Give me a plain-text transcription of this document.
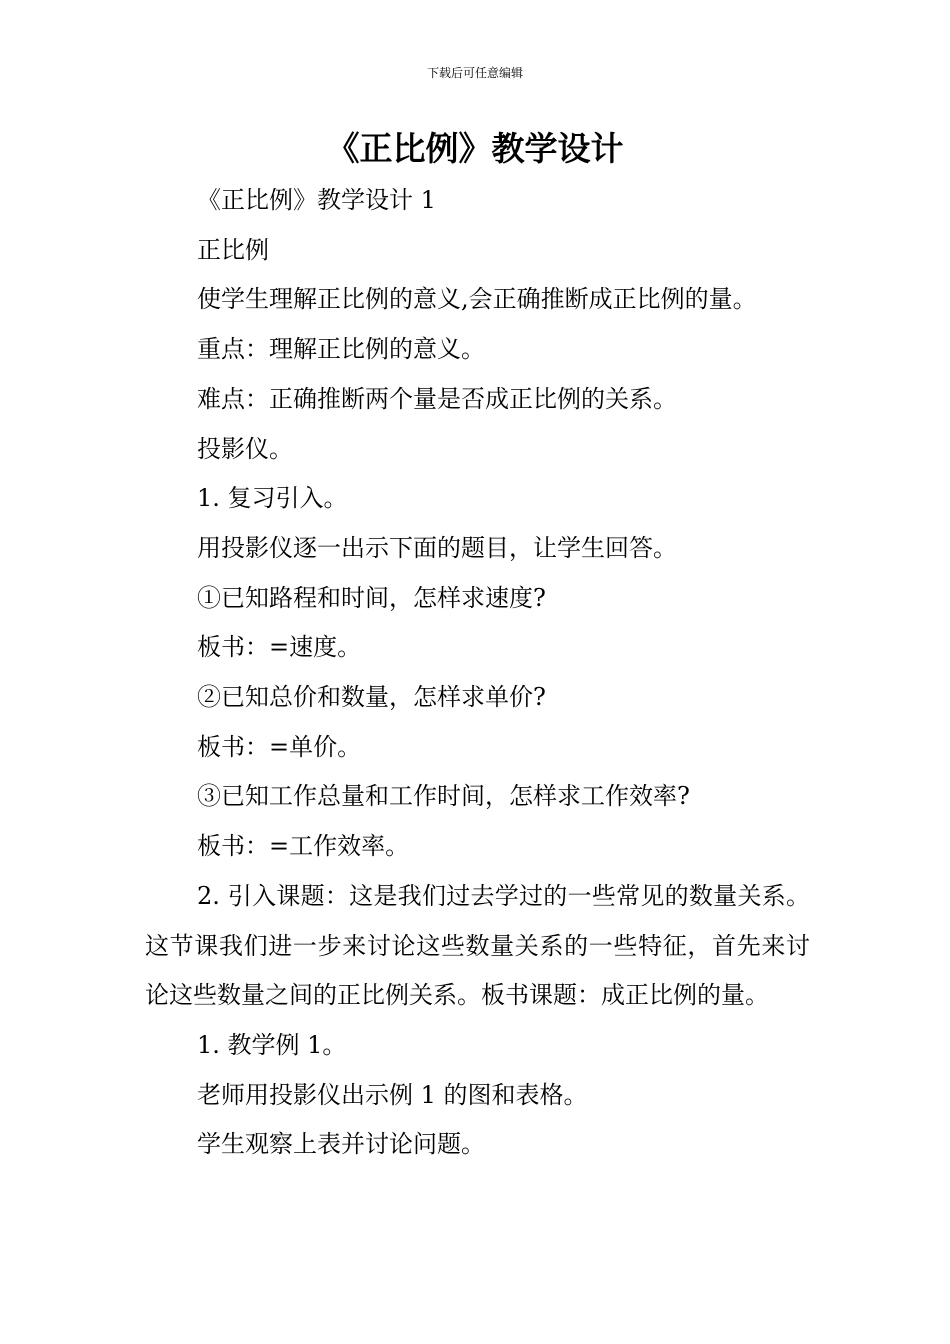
下载后可任意编辑
《正比例》教学设计

《正比例》教学设计 1

正比例

使学生理解正比例的意义,会正确推断成正比例的量。

重点：理解正比例的意义。

难点：正确推断两个量是否成正比例的关系。

投影仪。

1. 复习引入。

用投影仪逐一出示下面的题目，让学生回答。

①已知路程和时间，怎样求速度?

板书：=速度。

②已知总价和数量，怎样求单价?

板书：=单价。

③已知工作总量和工作时间，怎样求工作效率?

板书：=工作效率。

2. 引入课题：这是我们过去学过的一些常见的数量关系。这节课我们进一步来讨论这些数量关系的一些特征，首先来讨论这些数量之间的正比例关系。板书课题：成正比例的量。

1. 教学例 1。

老师用投影仪出示例 1 的图和表格。

学生观察上表并讨论问题。
